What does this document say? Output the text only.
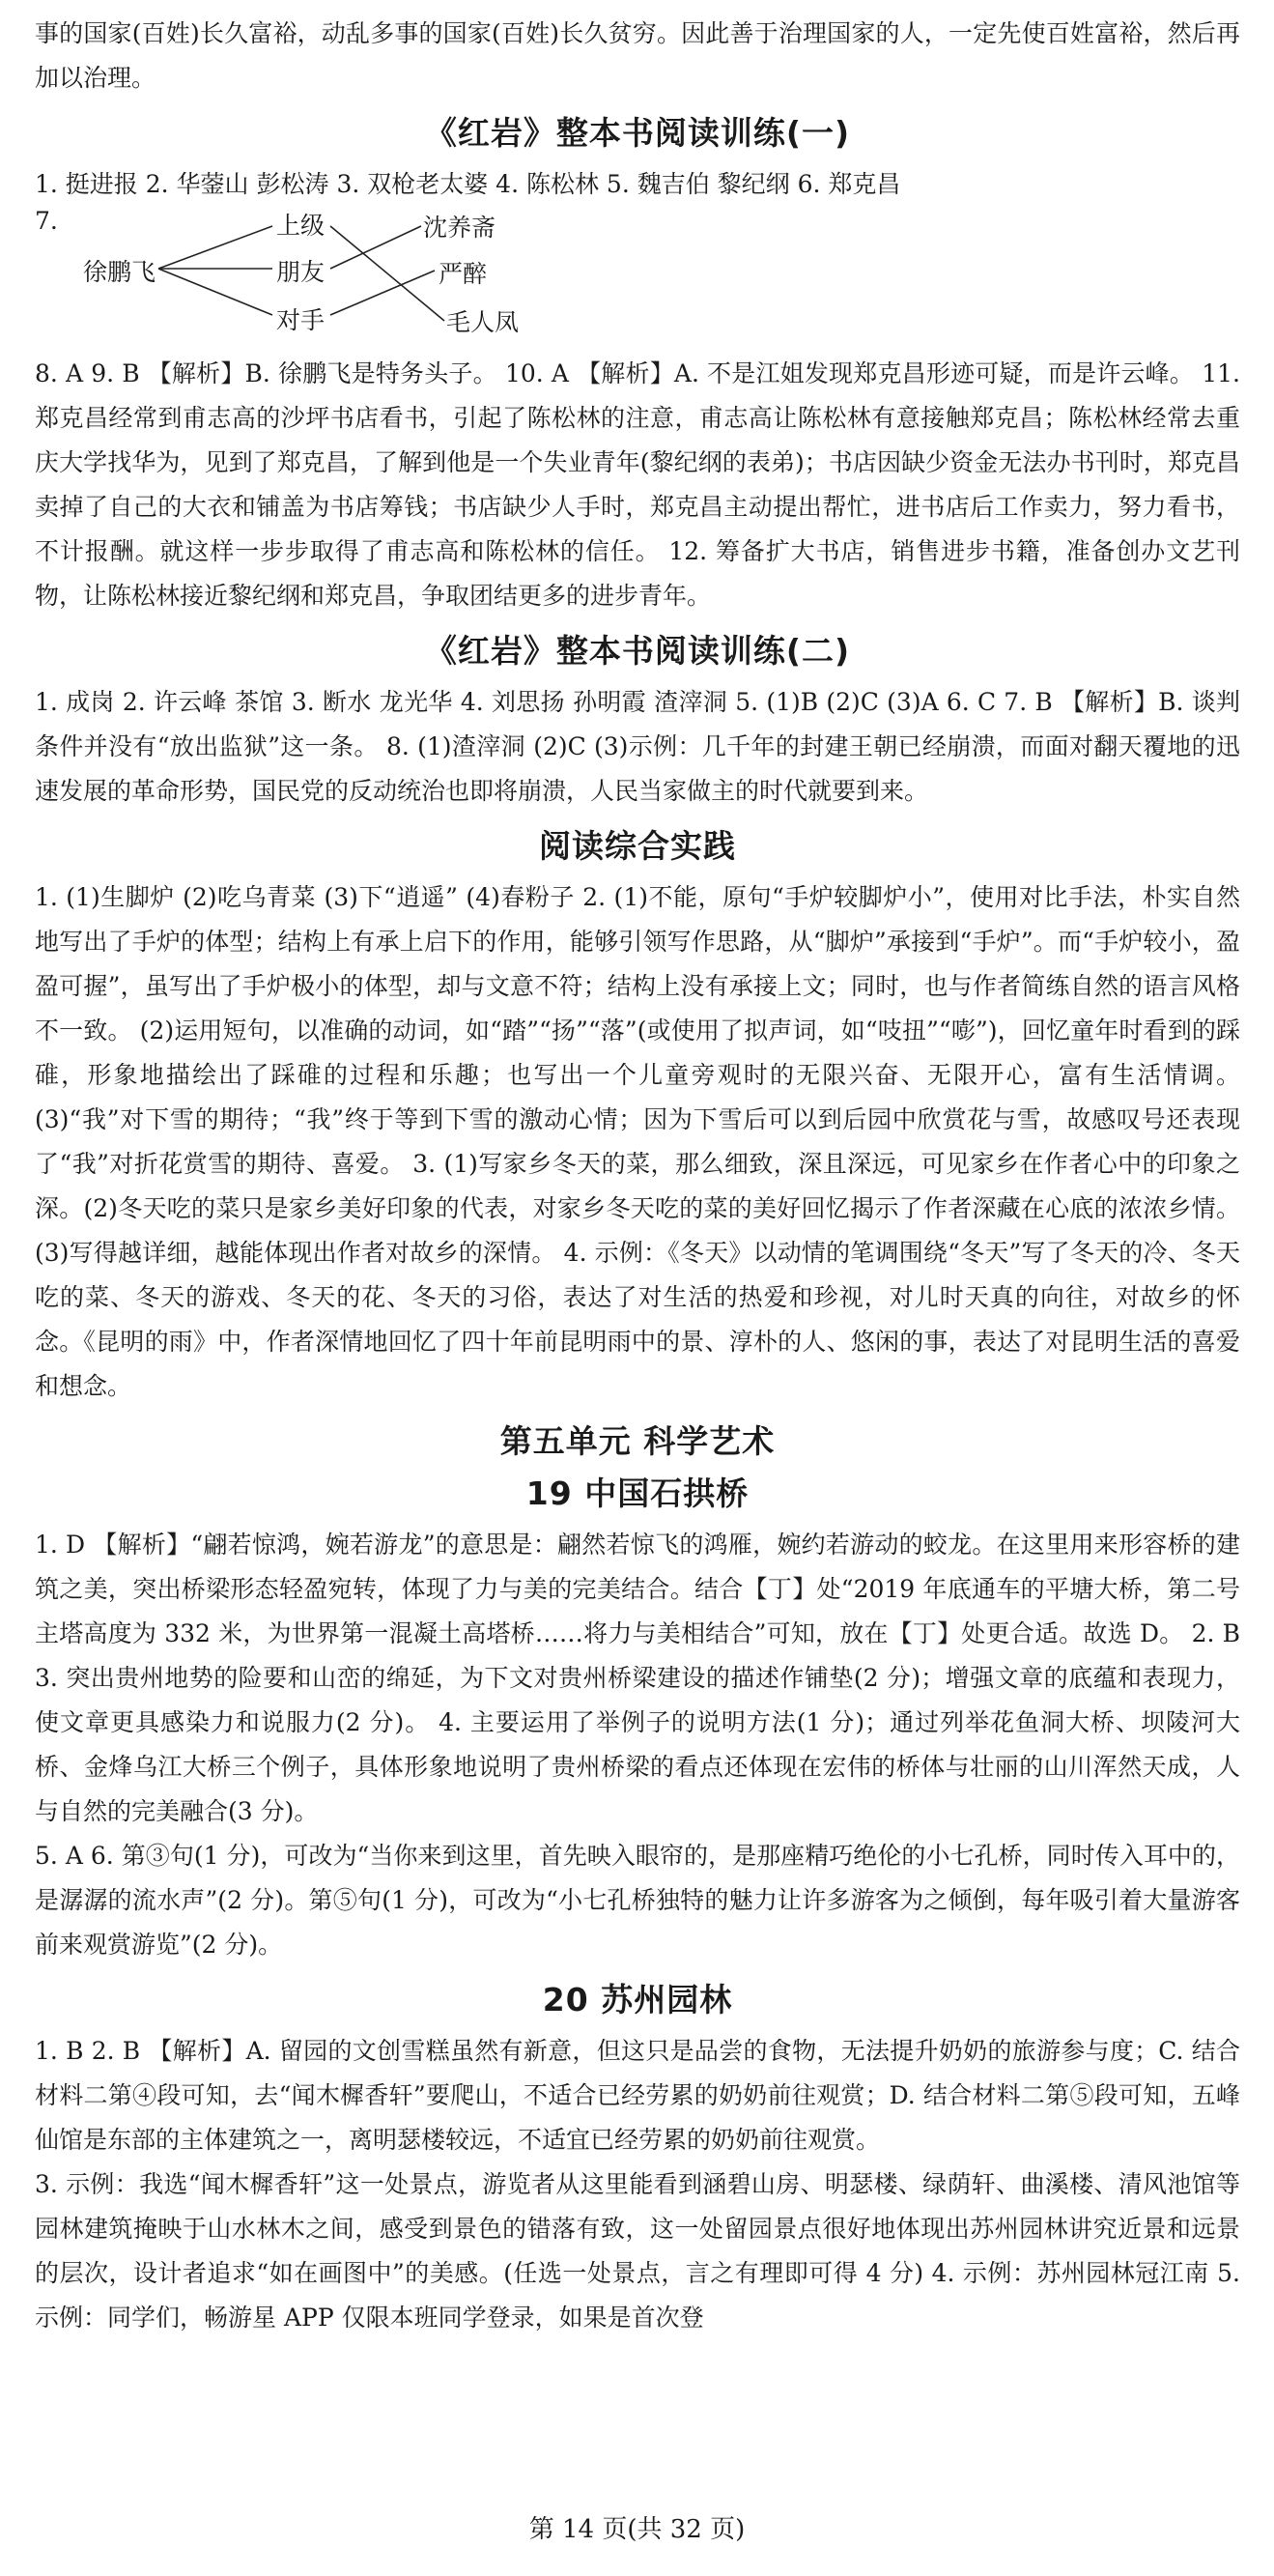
事的国家(百姓)长久富裕，动乱多事的国家(百姓)长久贫穷。因此善于治理国家的人，一定先使百姓富裕，然后再加以治理。

《红岩》整本书阅读训练(一)

1. 挺进报 2. 华蓥山 彭松涛 3. 双枪老太婆 4. 陈松林 5. 魏吉伯 黎纪纲 6. 郑克昌

7.
徐鹏飞
上级
朋友
对手
沈养斋
严醉
毛人凤

8. A 9. B 【解析】B. 徐鹏飞是特务头子。 10. A 【解析】A. 不是江姐发现郑克昌形迹可疑，而是许云峰。 11. 郑克昌经常到甫志高的沙坪书店看书，引起了陈松林的注意，甫志高让陈松林有意接触郑克昌；陈松林经常去重庆大学找华为，见到了郑克昌，了解到他是一个失业青年(黎纪纲的表弟)；书店因缺少资金无法办书刊时，郑克昌卖掉了自己的大衣和铺盖为书店筹钱；书店缺少人手时，郑克昌主动提出帮忙，进书店后工作卖力，努力看书，不计报酬。就这样一步步取得了甫志高和陈松林的信任。 12. 筹备扩大书店，销售进步书籍，准备创办文艺刊物，让陈松林接近黎纪纲和郑克昌，争取团结更多的进步青年。

《红岩》整本书阅读训练(二)

1. 成岗 2. 许云峰 茶馆 3. 断水 龙光华 4. 刘思扬 孙明霞 渣滓洞 5. (1)B (2)C (3)A 6. C 7. B 【解析】B. 谈判条件并没有“放出监狱”这一条。 8. (1)渣滓洞 (2)C (3)示例：几千年的封建王朝已经崩溃，而面对翻天覆地的迅速发展的革命形势，国民党的反动统治也即将崩溃，人民当家做主的时代就要到来。

阅读综合实践

1. (1)生脚炉 (2)吃乌青菜 (3)下“逍遥” (4)春粉子 2. (1)不能，原句“手炉较脚炉小”，使用对比手法，朴实自然地写出了手炉的体型；结构上有承上启下的作用，能够引领写作思路，从“脚炉”承接到“手炉”。而“手炉较小，盈盈可握”，虽写出了手炉极小的体型，却与文意不符；结构上没有承接上文；同时，也与作者简练自然的语言风格不一致。 (2)运用短句，以准确的动词，如“踏”“扬”“落”(或使用了拟声词，如“吱扭”“嘭”)，回忆童年时看到的踩碓，形象地描绘出了踩碓的过程和乐趣；也写出一个儿童旁观时的无限兴奋、无限开心，富有生活情调。 (3)“我”对下雪的期待；“我”终于等到下雪的激动心情；因为下雪后可以到后园中欣赏花与雪，故感叹号还表现了“我”对折花赏雪的期待、喜爱。 3. (1)写家乡冬天的菜，那么细致，深且深远，可见家乡在作者心中的印象之深。(2)冬天吃的菜只是家乡美好印象的代表，对家乡冬天吃的菜的美好回忆揭示了作者深藏在心底的浓浓乡情。(3)写得越详细，越能体现出作者对故乡的深情。 4. 示例：《冬天》以动情的笔调围绕“冬天”写了冬天的冷、冬天吃的菜、冬天的游戏、冬天的花、冬天的习俗，表达了对生活的热爱和珍视，对儿时天真的向往，对故乡的怀念。《昆明的雨》中，作者深情地回忆了四十年前昆明雨中的景、淳朴的人、悠闲的事，表达了对昆明生活的喜爱和想念。

第五单元 科学艺术
19 中国石拱桥

1. D 【解析】“翩若惊鸿，婉若游龙”的意思是：翩然若惊飞的鸿雁，婉约若游动的蛟龙。在这里用来形容桥的建筑之美，突出桥梁形态轻盈宛转，体现了力与美的完美结合。结合【丁】处“2019 年底通车的平塘大桥，第二号主塔高度为 332 米，为世界第一混凝土高塔桥……将力与美相结合”可知，放在【丁】处更合适。故选 D。 2. B 3. 突出贵州地势的险要和山峦的绵延，为下文对贵州桥梁建设的描述作铺垫(2 分)；增强文章的底蕴和表现力，使文章更具感染力和说服力(2 分)。 4. 主要运用了举例子的说明方法(1 分)；通过列举花鱼洞大桥、坝陵河大桥、金烽乌江大桥三个例子，具体形象地说明了贵州桥梁的看点还体现在宏伟的桥体与壮丽的山川浑然天成，人与自然的完美融合(3 分)。

5. A 6. 第③句(1 分)，可改为“当你来到这里，首先映入眼帘的，是那座精巧绝伦的小七孔桥，同时传入耳中的，是潺潺的流水声”(2 分)。第⑤句(1 分)，可改为“小七孔桥独特的魅力让许多游客为之倾倒，每年吸引着大量游客前来观赏游览”(2 分)。

20 苏州园林

1. B 2. B 【解析】A. 留园的文创雪糕虽然有新意，但这只是品尝的食物，无法提升奶奶的旅游参与度；C. 结合材料二第④段可知，去“闻木樨香轩”要爬山，不适合已经劳累的奶奶前往观赏；D. 结合材料二第⑤段可知，五峰仙馆是东部的主体建筑之一，离明瑟楼较远，不适宜已经劳累的奶奶前往观赏。

3. 示例：我选“闻木樨香轩”这一处景点，游览者从这里能看到涵碧山房、明瑟楼、绿荫轩、曲溪楼、清风池馆等园林建筑掩映于山水林木之间，感受到景色的错落有致，这一处留园景点很好地体现出苏州园林讲究近景和远景的层次，设计者追求“如在画图中”的美感。(任选一处景点，言之有理即可得 4 分) 4. 示例：苏州园林冠江南 5. 示例：同学们，畅游星 APP 仅限本班同学登录，如果是首次登

第 14 页(共 32 页)
